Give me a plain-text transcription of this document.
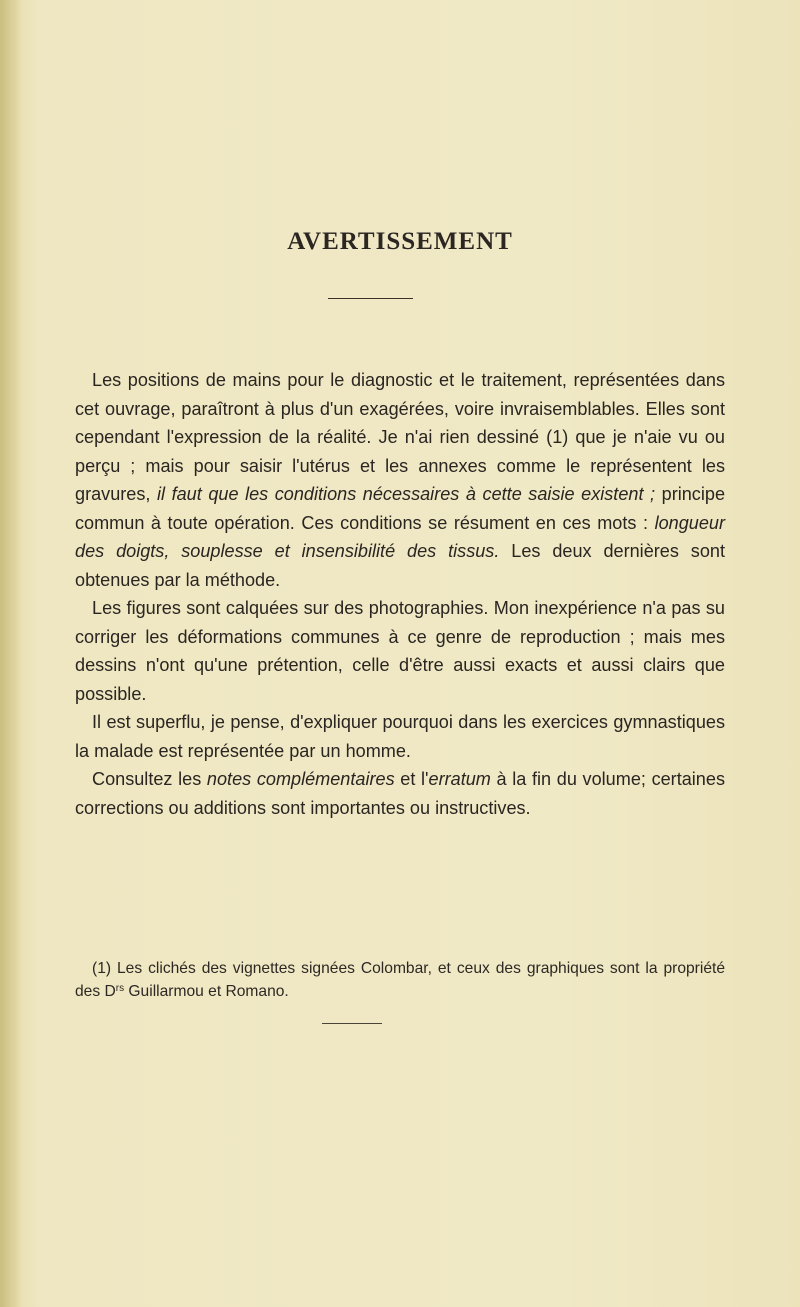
AVERTISSEMENT

Les positions de mains pour le diagnostic et le traitement, représentées dans cet ouvrage, paraîtront à plus d'un exagérées, voire invraisemblables. Elles sont cependant l'expression de la réalité. Je n'ai rien dessiné (1) que je n'aie vu ou perçu ; mais pour saisir l'utérus et les annexes comme le représentent les gravures, il faut que les conditions nécessaires à cette saisie existent ; principe commun à toute opération. Ces conditions se résument en ces mots : longueur des doigts, souplesse et insensibilité des tissus. Les deux dernières sont obtenues par la méthode.

Les figures sont calquées sur des photographies. Mon inexpérience n'a pas su corriger les déformations communes à ce genre de reproduction ; mais mes dessins n'ont qu'une prétention, celle d'être aussi exacts et aussi clairs que possible.

Il est superflu, je pense, d'expliquer pourquoi dans les exercices gymnastiques la malade est représentée par un homme.

Consultez les notes complémentaires et l'erratum à la fin du volume; certaines corrections ou additions sont importantes ou instructives.

(1) Les clichés des vignettes signées Colombar, et ceux des graphiques sont la propriété des $D^{rs}$ Guillarmou et Romano.
